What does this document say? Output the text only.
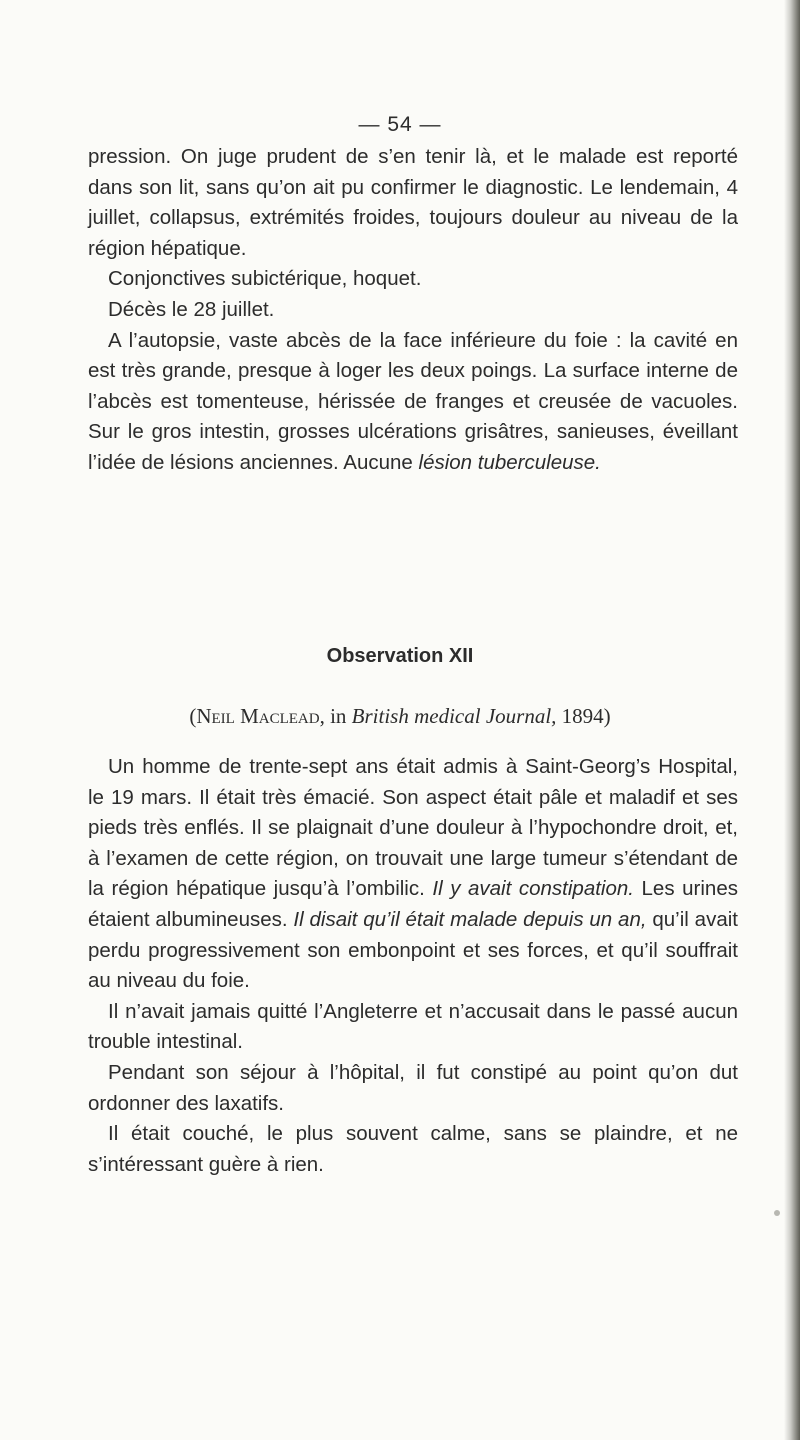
— 54 —

pression. On juge prudent de s’en tenir là, et le malade est reporté dans son lit, sans qu’on ait pu confirmer le diagnostic. Le lendemain, 4 juillet, collapsus, extrémités froides, toujours douleur au niveau de la région hépatique.

Conjonctives subictérique, hoquet.

Décès le 28 juillet.

A l’autopsie, vaste abcès de la face inférieure du foie : la cavité en est très grande, presque à loger les deux poings. La surface interne de l’abcès est tomenteuse, hérissée de franges et creusée de vacuoles. Sur le gros intestin, grosses ulcérations grisâtres, sanieuses, éveillant l’idée de lésions anciennes. Aucune lésion tuberculeuse.

Observation XII
(Neil Maclead, in British medical Journal, 1894)

Un homme de trente-sept ans était admis à Saint-Georg’s Hospital, le 19 mars. Il était très émacié. Son aspect était pâle et maladif et ses pieds très enflés. Il se plaignait d’une douleur à l’hypochondre droit, et, à l’examen de cette région, on trouvait une large tumeur s’étendant de la région hépatique jusqu’à l’ombilic. Il y avait constipation. Les urines étaient albumineuses. Il disait qu’il était malade depuis un an, qu’il avait perdu progressivement son embonpoint et ses forces, et qu’il souffrait au niveau du foie.

Il n’avait jamais quitté l’Angleterre et n’accusait dans le passé aucun trouble intestinal.

Pendant son séjour à l’hôpital, il fut constipé au point qu’on dut ordonner des laxatifs.

Il était couché, le plus souvent calme, sans se plaindre, et ne s’intéressant guère à rien.
